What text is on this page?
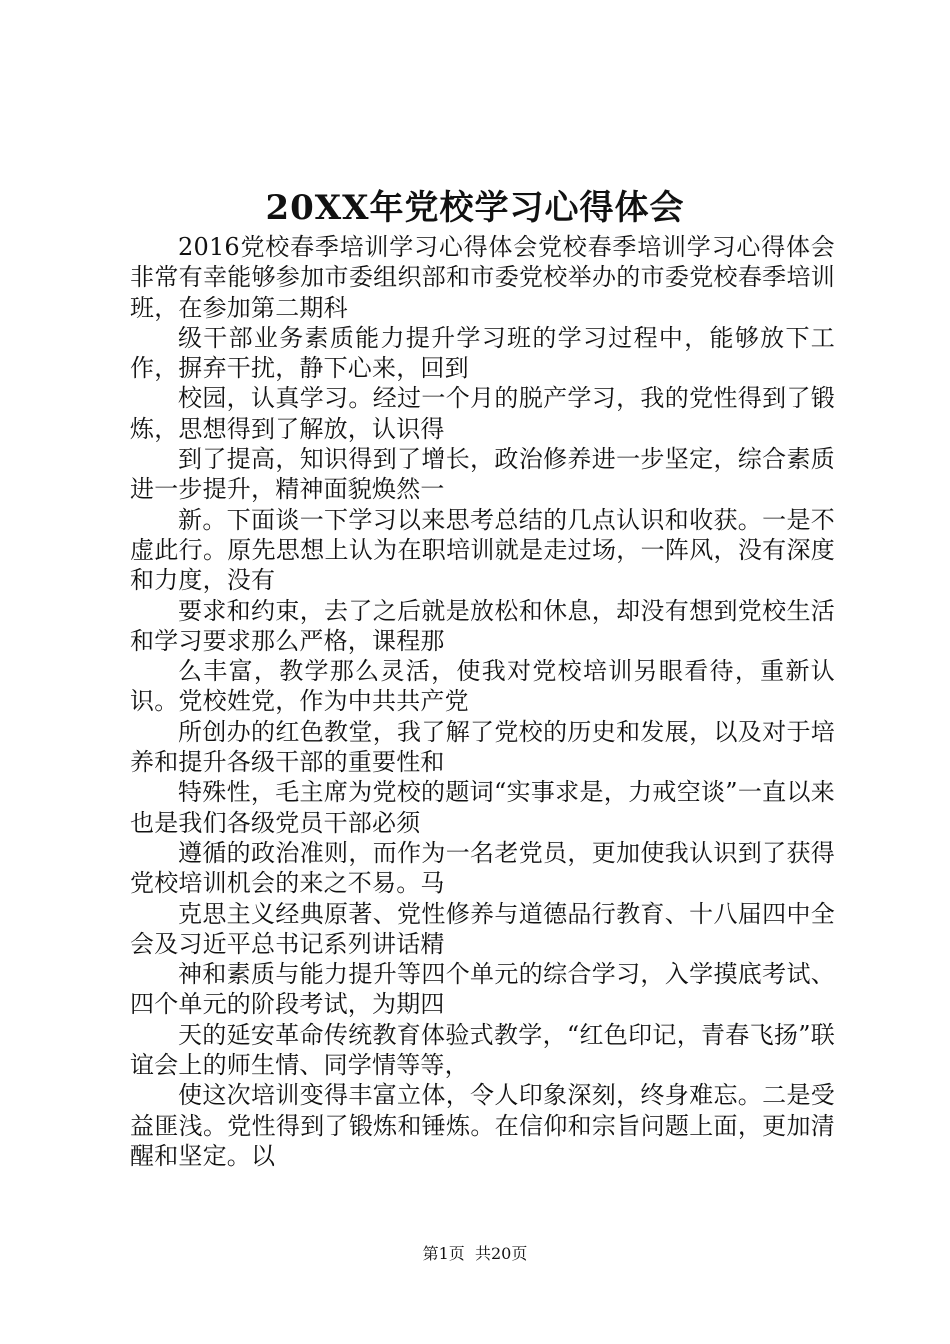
20XX年党校学习心得体会

2016党校春季培训学习心得体会党校春季培训学习心得体会非常有幸能够参加市委组织部和市委党校举办的市委党校春季培训班，在参加第二期科

级干部业务素质能力提升学习班的学习过程中，能够放下工作，摒弃干扰，静下心来，回到

校园，认真学习。经过一个月的脱产学习，我的党性得到了锻炼，思想得到了解放，认识得

到了提高，知识得到了增长，政治修养进一步坚定，综合素质进一步提升，精神面貌焕然一

新。下面谈一下学习以来思考总结的几点认识和收获。一是不虚此行。原先思想上认为在职培训就是走过场，一阵风，没有深度和力度，没有

要求和约束，去了之后就是放松和休息，却没有想到党校生活和学习要求那么严格，课程那

么丰富，教学那么灵活，使我对党校培训另眼看待，重新认识。党校姓党，作为中共共产党

所创办的红色教堂，我了解了党校的历史和发展，以及对于培养和提升各级干部的重要性和

特殊性，毛主席为党校的题词“实事求是，力戒空谈”一直以来也是我们各级党员干部必须

遵循的政治准则，而作为一名老党员，更加使我认识到了获得党校培训机会的来之不易。马

克思主义经典原著、党性修养与道德品行教育、十八届四中全会及习近平总书记系列讲话精

神和素质与能力提升等四个单元的综合学习，入学摸底考试、四个单元的阶段考试，为期四

天的延安革命传统教育体验式教学，“红色印记，青春飞扬”联谊会上的师生情、同学情等等，

使这次培训变得丰富立体，令人印象深刻，终身难忘。二是受益匪浅。党性得到了锻炼和锤炼。在信仰和宗旨问题上面，更加清醒和坚定。以

第1页 共20页
